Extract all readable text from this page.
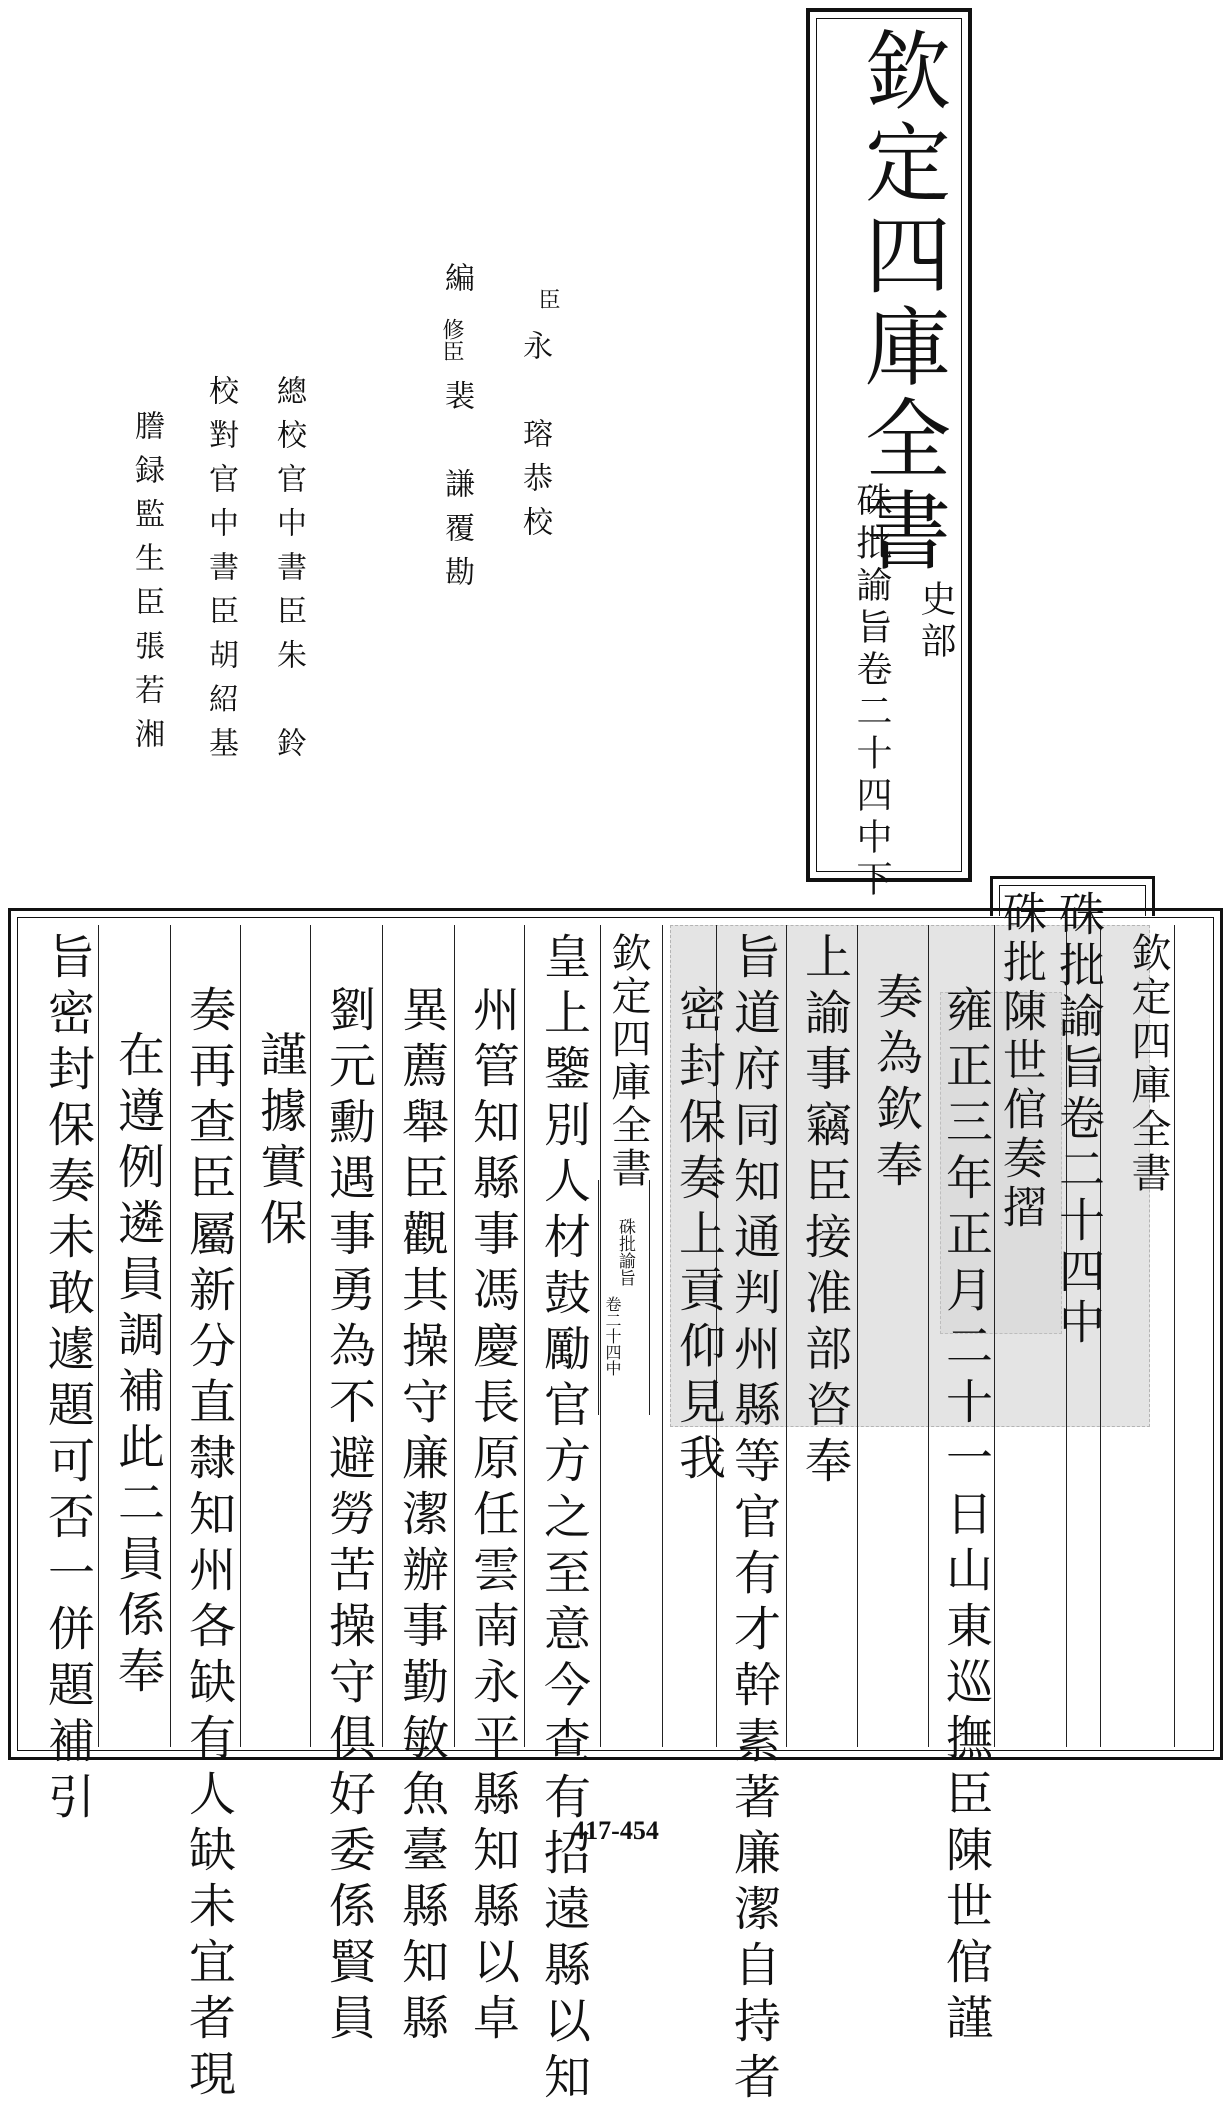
欽定四庫全書
硃批諭旨卷二十四中下 史部
臣
永　瑢恭校
編
修臣
裴　謙覆勘
總校官中書臣朱　鈴
校對官中書臣胡紹基
謄録監生臣張若湘
欽定四庫全書
硃批諭旨卷二十四中
硃批陳世倌奏摺
硃批諭旨
卷二十四中
欽定四庫全書	雍正三年正月二十一日山東巡撫臣陳世倌謹
奏為欽奉
上諭事竊臣接准部咨奉
旨道府同知通判州縣等官有才幹素著廉潔自持者
密封保奏上貢仰見我
皇上鑒別人材鼓勵官方之至意今查有招遠縣以知
州管知縣事馮慶長原任雲南永平縣知縣以卓
異薦舉臣觀其操守廉潔辦事勤敏魚臺縣知縣
劉元勳遇事勇為不避勞苦操守俱好委係賢員
謹據實保
奏再查臣屬新分直隸知州各缺有人缺未宜者現
在遵例遴員調補此二員係奉
旨密封保奏未敢遽題可否一併題補引
417-454
